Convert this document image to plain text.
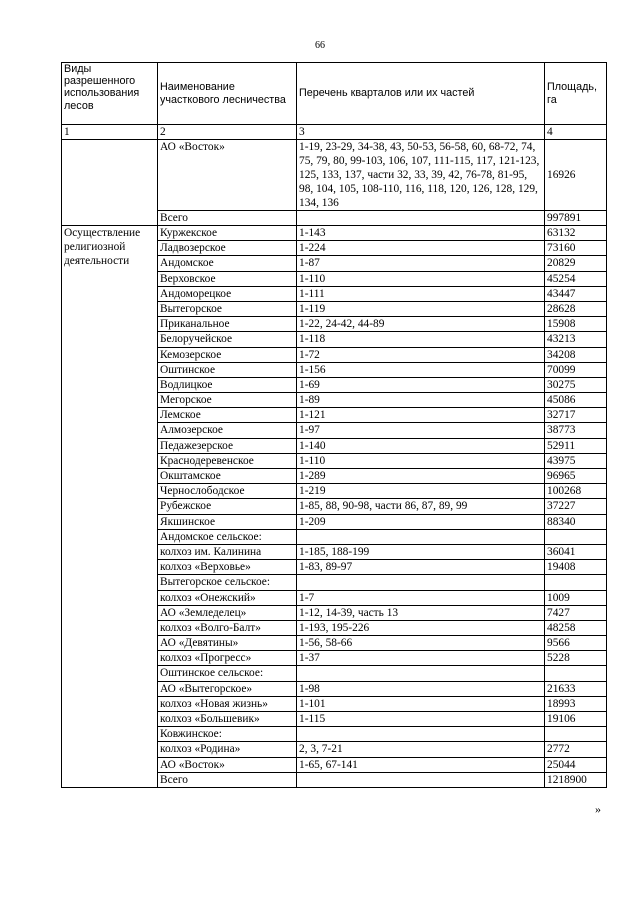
66
Виды разрешенного использования лесов	Наименование участкового лесничества	Перечень кварталов или их частей	Площадь, га
1	2	3	4
	АО «Восток»	1-19, 23-29, 34-38, 43, 50-53, 56-58, 60, 68-72, 74, 75, 79, 80, 99-103, 106, 107, 111-115, 117, 121-123, 125, 133, 137, части 32, 33, 39, 42, 76-78, 81-95, 98, 104, 105, 108-110, 116, 118, 120, 126, 128, 129, 134, 136	16926
	Всего		997891
Осуществление религиозной деятельности	Куржекское	1-143	63132
	Ладвозерское	1-224	73160
	Андомское	1-87	20829
	Верховское	1-110	45254
	Андоморецкое	1-111	43447
	Вытегорское	1-119	28628
	Приканальное	1-22, 24-42, 44-89	15908
	Белоручейское	1-118	43213
	Кемозерское	1-72	34208
	Оштинское	1-156	70099
	Водлицкое	1-69	30275
	Мегорское	1-89	45086
	Лемское	1-121	32717
	Алмозерское	1-97	38773
	Педажезерское	1-140	52911
	Краснодеревенское	1-110	43975
	Окштамское	1-289	96965
	Чернослободское	1-219	100268
	Рубежское	1-85, 88, 90-98, части 86, 87, 89, 99	37227
	Якшинское	1-209	88340
	Андомское сельское:		
	колхоз им. Калинина	1-185, 188-199	36041
	колхоз «Верховье»	1-83, 89-97	19408
	Вытегорское сельское:		
	колхоз «Онежский»	1-7	1009
	АО «Земледелец»	1-12, 14-39, часть 13	7427
	колхоз «Волго-Балт»	1-193, 195-226	48258
	АО «Девятины»	1-56, 58-66	9566
	колхоз «Прогресс»	1-37	5228
	Оштинское сельское:		
	АО «Вытегорское»	1-98	21633
	колхоз «Новая жизнь»	1-101	18993
	колхоз «Большевик»	1-115	19106
	Ковжинское:		
	колхоз «Родина»	2, 3, 7-21	2772
	АО «Восток»	1-65, 67-141	25044
	Всего		1218900
»
